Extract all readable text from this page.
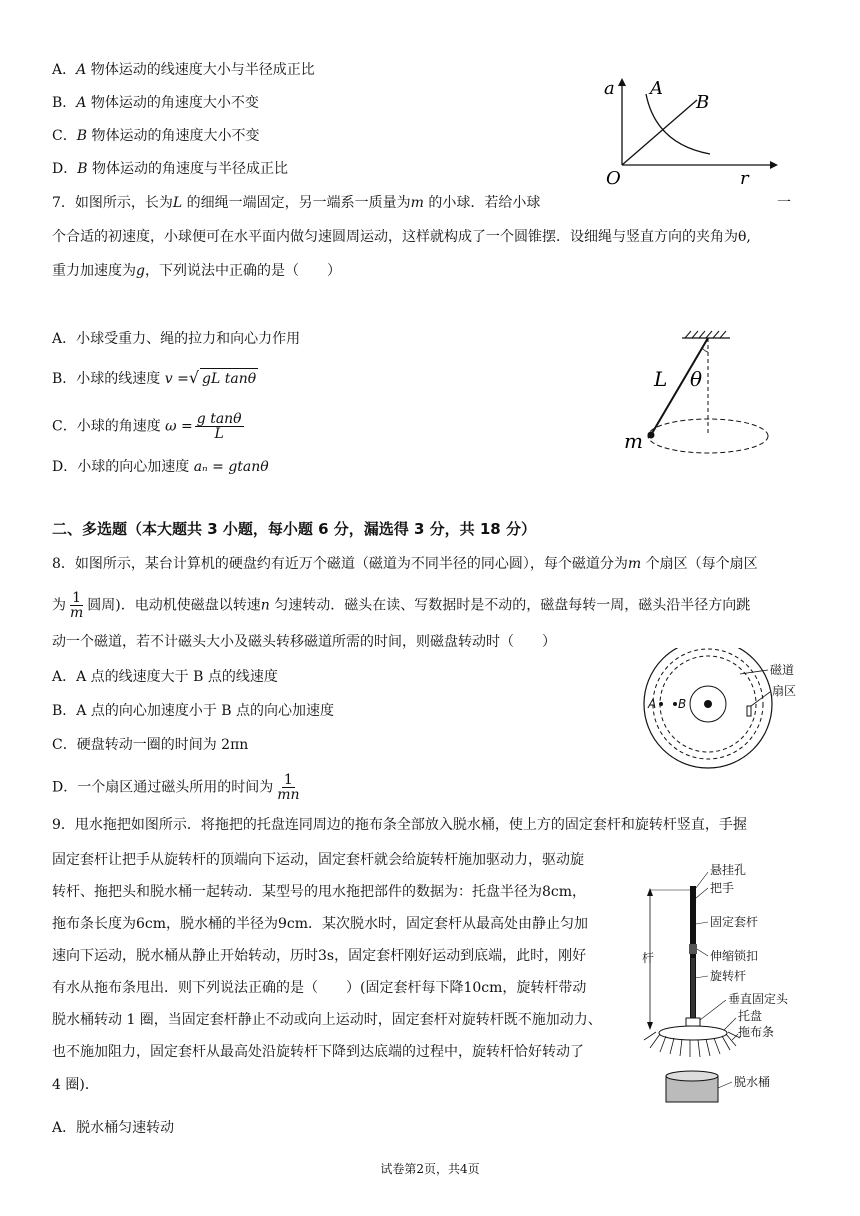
A．A 物体运动的线速度大小与半径成正比
B．A 物体运动的角速度大小不变
C．B 物体运动的角速度大小不变
D．B 物体运动的角速度与半径成正比
a A
B
O	r
7．如图所示，长为L 的细绳一端固定，另一端系一质量为m 的小球．若给小球	一
个合适的初速度，小球便可在水平面内做匀速圆周运动，这样就构成了一个圆锥摆．设细绳与竖直方向的夹角为θ,
重力加速度为g，下列说法中正确的是（　　）
A．小球受重力、绳的拉力和向心力作用
B．小球的线速度 v =√ gL tanθ
C．小球的角速度 $\omega = \frac{\text{g tanθ}}{L}$
D．小球的向心加速度 aₙ = gtanθ
L θ
m
二、多选题（本大题共 3 小题，每小题 6 分，漏选得 3 分，共 18 分）
8．如图所示，某台计算机的硬盘约有近万个磁道（磁道为不同半径的同心圆），每个磁道分为m 个扇区（每个扇区
为 $\frac{1}{m}$ 圆周)．电动机使磁盘以转速n 匀速转动．磁头在读、写数据时是不动的，磁盘每转一周，磁头沿半径方向跳
动一个磁道，若不计磁头大小及磁头转移磁道所需的时间，则磁盘转动时（　　）
A．A 点的线速度大于 B 点的线速度
B．A 点的向心加速度小于 B 点的向心加速度
C．硬盘转动一圈的时间为 2πn
D．一个扇区通过磁头所用的时间为 $\frac{1}{mn}$
磁道
扇区
A B
9．甩水拖把如图所示．将拖把的托盘连同周边的拖布条全部放入脱水桶，使上方的固定套杆和旋转杆竖直，手握
固定套杆让把手从旋转杆的顶端向下运动，固定套杆就会给旋转杆施加驱动力，驱动旋
转杆、拖把头和脱水桶一起转动．某型号的甩水拖把部件的数据为：托盘半径为8cm，
拖布条长度为6cm，脱水桶的半径为9cm．某次脱水时，固定套杆从最高处由静止匀加
速向下运动，脱水桶从静止开始转动，历时3s，固定套杆刚好运动到底端，此时，刚好
有水从拖布条甩出．则下列说法正确的是（　　）(固定套杆每下降10cm，旋转杆带动
脱水桶转动 1 圈，当固定套杆静止不动或向上运动时，固定套杆对旋转杆既不施加动力、
也不施加阻力，固定套杆从最高处沿旋转杆下降到达底端的过程中，旋转杆恰好转动了
4 圈)．
A．脱水桶匀速转动
杆
悬挂孔
把手
固定套杆
伸缩锁扣
旋转杆
垂直固定头
托盘
拖布条
脱水桶
试卷第2页，共4页
